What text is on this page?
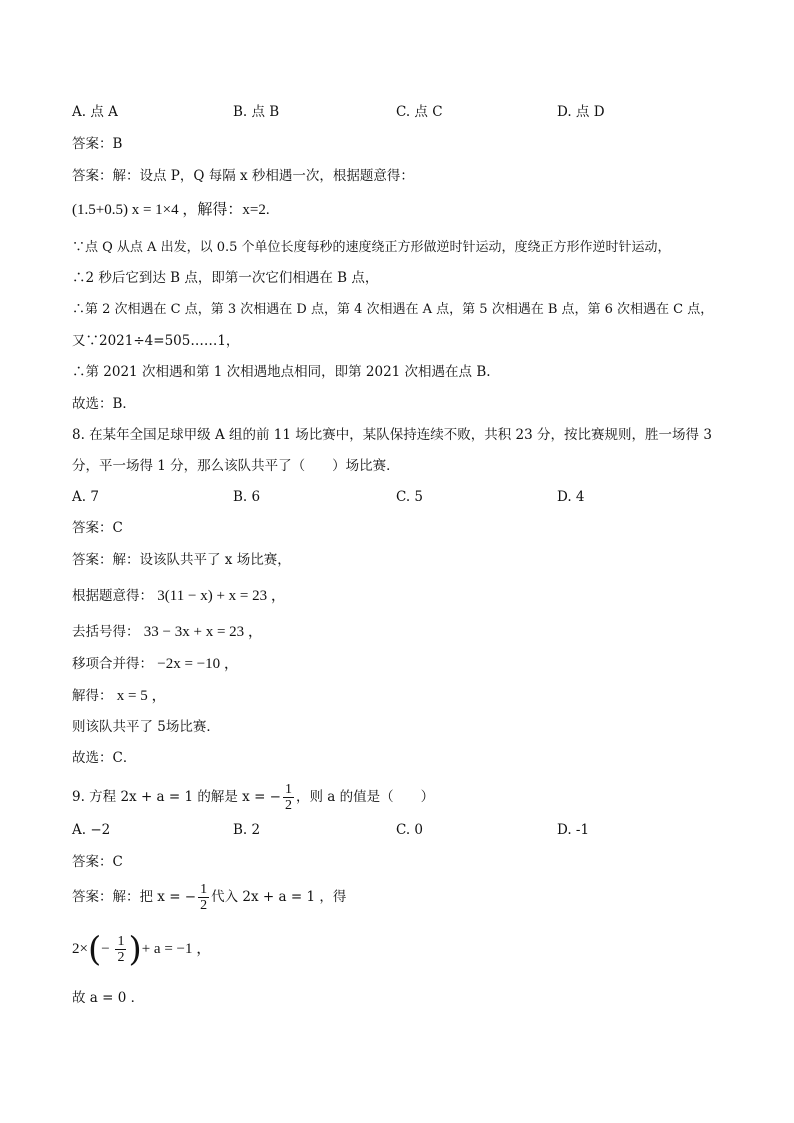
A. 点 A	B. 点 B	C. 点 C	D. 点 D
答案：B
答案：解：设点 P，Q 每隔 x 秒相遇一次，根据题意得：
(1.5+0.5) x = 1×4 ，解得：x=2.
∵点 Q 从点 A 出发，以 0.5 个单位长度每秒的速度绕正方形做逆时针运动，度绕正方形作逆时针运动，
∴2 秒后它到达 B 点，即第一次它们相遇在 B 点，
∴第 2 次相遇在 C 点，第 3 次相遇在 D 点，第 4 次相遇在 A 点，第 5 次相遇在 B 点，第 6 次相遇在 C 点，
又∵2021÷4=505……1，
∴第 2021 次相遇和第 1 次相遇地点相同，即第 2021 次相遇在点 B.
故选：B．
8. 在某年全国足球甲级 A 组的前 11 场比赛中，某队保持连续不败，共积 23 分，按比赛规则，胜一场得 3
分，平一场得 1 分，那么该队共平了（　　）场比赛．
A. 7	B. 6	C. 5	D. 4
答案：C
答案：解：设该队共平了 x 场比赛，
根据题意得： 3(11 − x) + x = 23 ，
去括号得： 33 − 3x + x = 23 ，
移项合并得： −2x = −10 ，
解得： x = 5 ，
则该队共平了 5场比赛．
故选：C．
9. 方程 2x + a = 1 的解是 x = − $\frac{1}{2}$ ，则 a 的值是（　　）
A. −2	B. 2	C. 0	D. -1
答案：C
答案：解：把 x = − $\frac{1}{2}$ 代入 2x + a = 1 ，得
$2\times(- \frac{1}{2}$ )+ a = −1 ，
故 a = 0 ．
